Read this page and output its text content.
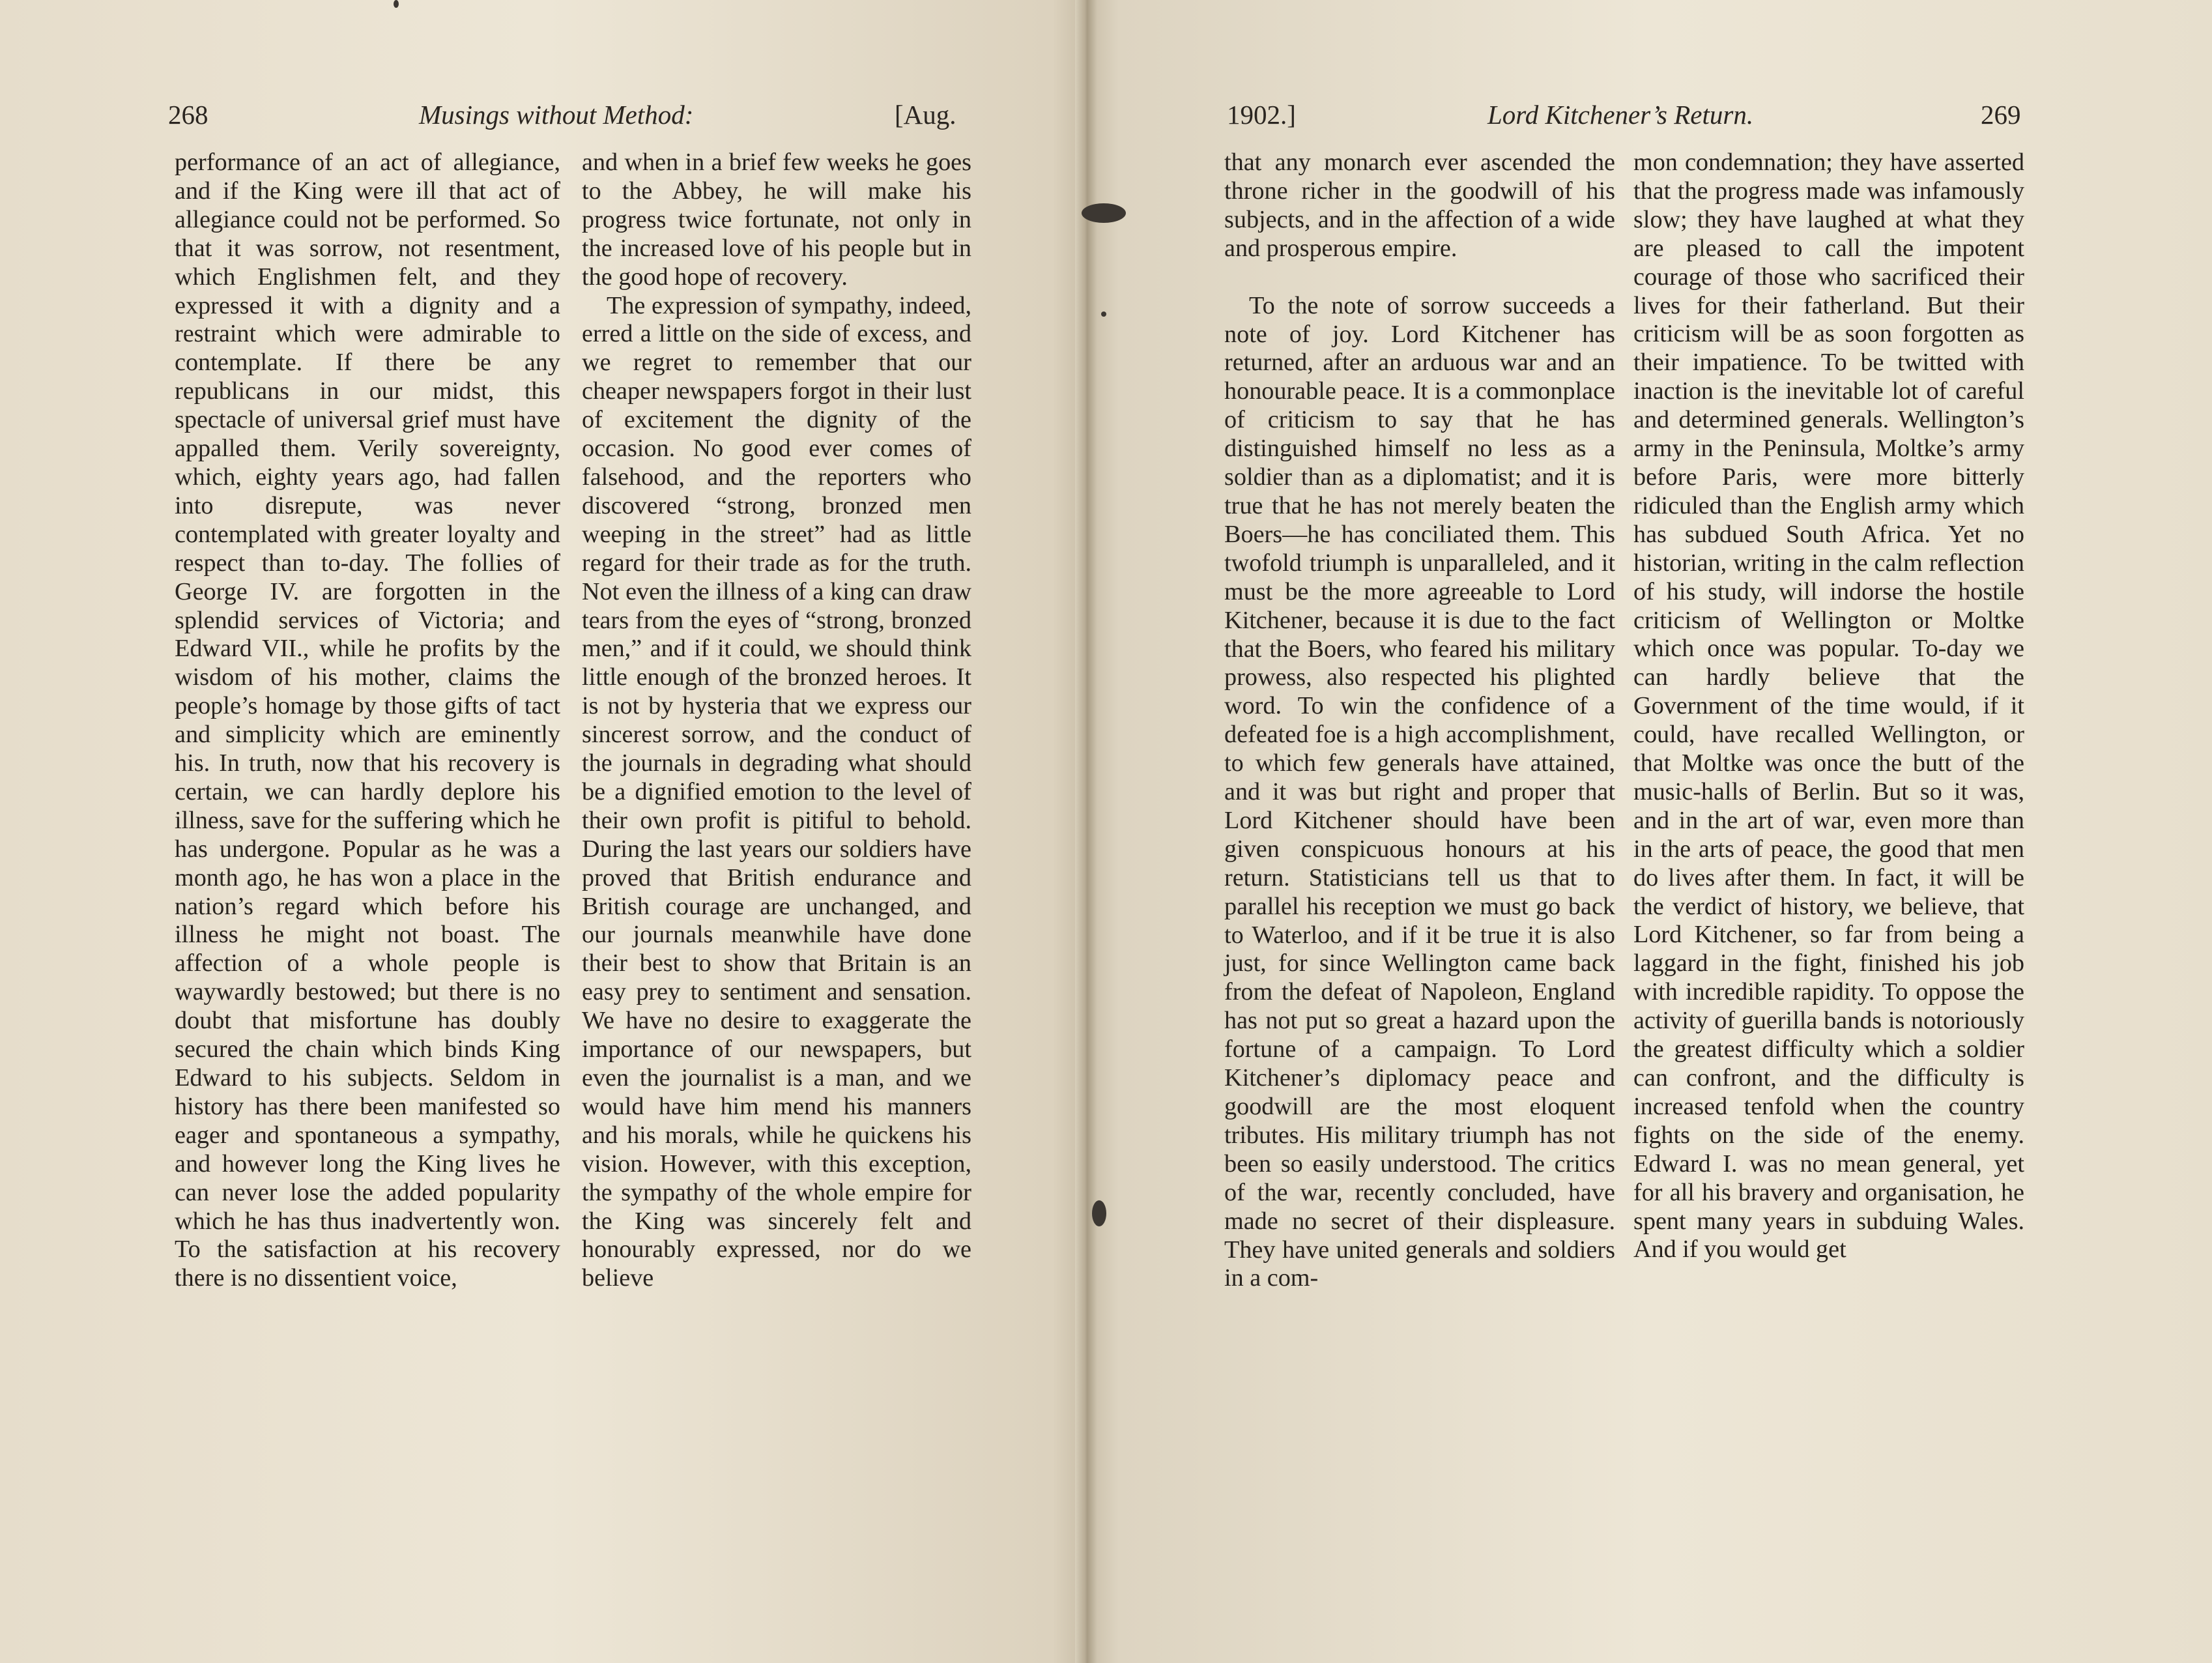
268	Musings without Method:	[Aug.

performance of an act of allegiance, and if the King were ill that act of allegiance could not be performed. So that it was sorrow, not resentment, which Englishmen felt, and they expressed it with a dignity and a restraint which were admirable to contemplate. If there be any republicans in our midst, this spectacle of universal grief must have appalled them. Verily sovereignty, which, eighty years ago, had fallen into disrepute, was never contemplated with greater loyalty and respect than to-day. The follies of George IV. are forgotten in the splendid services of Victoria; and Edward VII., while he profits by the wisdom of his mother, claims the people’s homage by those gifts of tact and simplicity which are eminently his. In truth, now that his recovery is certain, we can hardly deplore his illness, save for the suffering which he has undergone. Popular as he was a month ago, he has won a place in the nation’s regard which before his illness he might not boast. The affection of a whole people is waywardly bestowed; but there is no doubt that misfortune has doubly secured the chain which binds King Edward to his subjects. Seldom in history has there been manifested so eager and spontaneous a sympathy, and however long the King lives he can never lose the added popularity which he has thus inadvertently won. To the satisfaction at his recovery there is no dissentient voice,

and when in a brief few weeks he goes to the Abbey, he will make his progress twice fortunate, not only in the increased love of his people but in the good hope of recovery.

The expression of sympathy, indeed, erred a little on the side of excess, and we regret to remember that our cheaper newspapers forgot in their lust of excitement the dignity of the occasion. No good ever comes of falsehood, and the reporters who discovered “strong, bronzed men weeping in the street” had as little regard for their trade as for the truth. Not even the illness of a king can draw tears from the eyes of “strong, bronzed men,” and if it could, we should think little enough of the bronzed heroes. It is not by hysteria that we express our sincerest sorrow, and the conduct of the journals in degrading what should be a dignified emotion to the level of their own profit is pitiful to behold. During the last years our soldiers have proved that British endurance and British courage are unchanged, and our journals meanwhile have done their best to show that Britain is an easy prey to sentiment and sensation. We have no desire to exaggerate the importance of our newspapers, but even the journalist is a man, and we would have him mend his manners and his morals, while he quickens his vision. However, with this exception, the sympathy of the whole empire for the King was sincerely felt and honourably expressed, nor do we believe

1902.]	Lord Kitchener’s Return.	269

that any monarch ever ascended the throne richer in the goodwill of his subjects, and in the affection of a wide and prosperous empire.

To the note of sorrow succeeds a note of joy. Lord Kitchener has returned, after an arduous war and an honourable peace. It is a commonplace of criticism to say that he has distinguished himself no less as a soldier than as a diplomatist; and it is true that he has not merely beaten the Boers—he has conciliated them. This twofold triumph is unparalleled, and it must be the more agreeable to Lord Kitchener, because it is due to the fact that the Boers, who feared his military prowess, also respected his plighted word. To win the confidence of a defeated foe is a high accomplishment, to which few generals have attained, and it was but right and proper that Lord Kitchener should have been given conspicuous honours at his return. Statisticians tell us that to parallel his reception we must go back to Waterloo, and if it be true it is also just, for since Wellington came back from the defeat of Napoleon, England has not put so great a hazard upon the fortune of a campaign. To Lord Kitchener’s diplomacy peace and goodwill are the most eloquent tributes. His military triumph has not been so easily understood. The critics of the war, recently concluded, have made no secret of their displeasure. They have united generals and soldiers in a com-

mon condemnation; they have asserted that the progress made was infamously slow; they have laughed at what they are pleased to call the impotent courage of those who sacrificed their lives for their fatherland. But their criticism will be as soon forgotten as their impatience. To be twitted with inaction is the inevitable lot of careful and determined generals. Wellington’s army in the Peninsula, Moltke’s army before Paris, were more bitterly ridiculed than the English army which has subdued South Africa. Yet no historian, writing in the calm reflection of his study, will indorse the hostile criticism of Wellington or Moltke which once was popular. To-day we can hardly believe that the Government of the time would, if it could, have recalled Wellington, or that Moltke was once the butt of the music-halls of Berlin. But so it was, and in the art of war, even more than in the arts of peace, the good that men do lives after them. In fact, it will be the verdict of history, we believe, that Lord Kitchener, so far from being a laggard in the fight, finished his job with incredible rapidity. To oppose the activity of guerilla bands is notoriously the greatest difficulty which a soldier can confront, and the difficulty is increased tenfold when the country fights on the side of the enemy. Edward I. was no mean general, yet for all his bravery and organisation, he spent many years in subduing Wales. And if you would get
